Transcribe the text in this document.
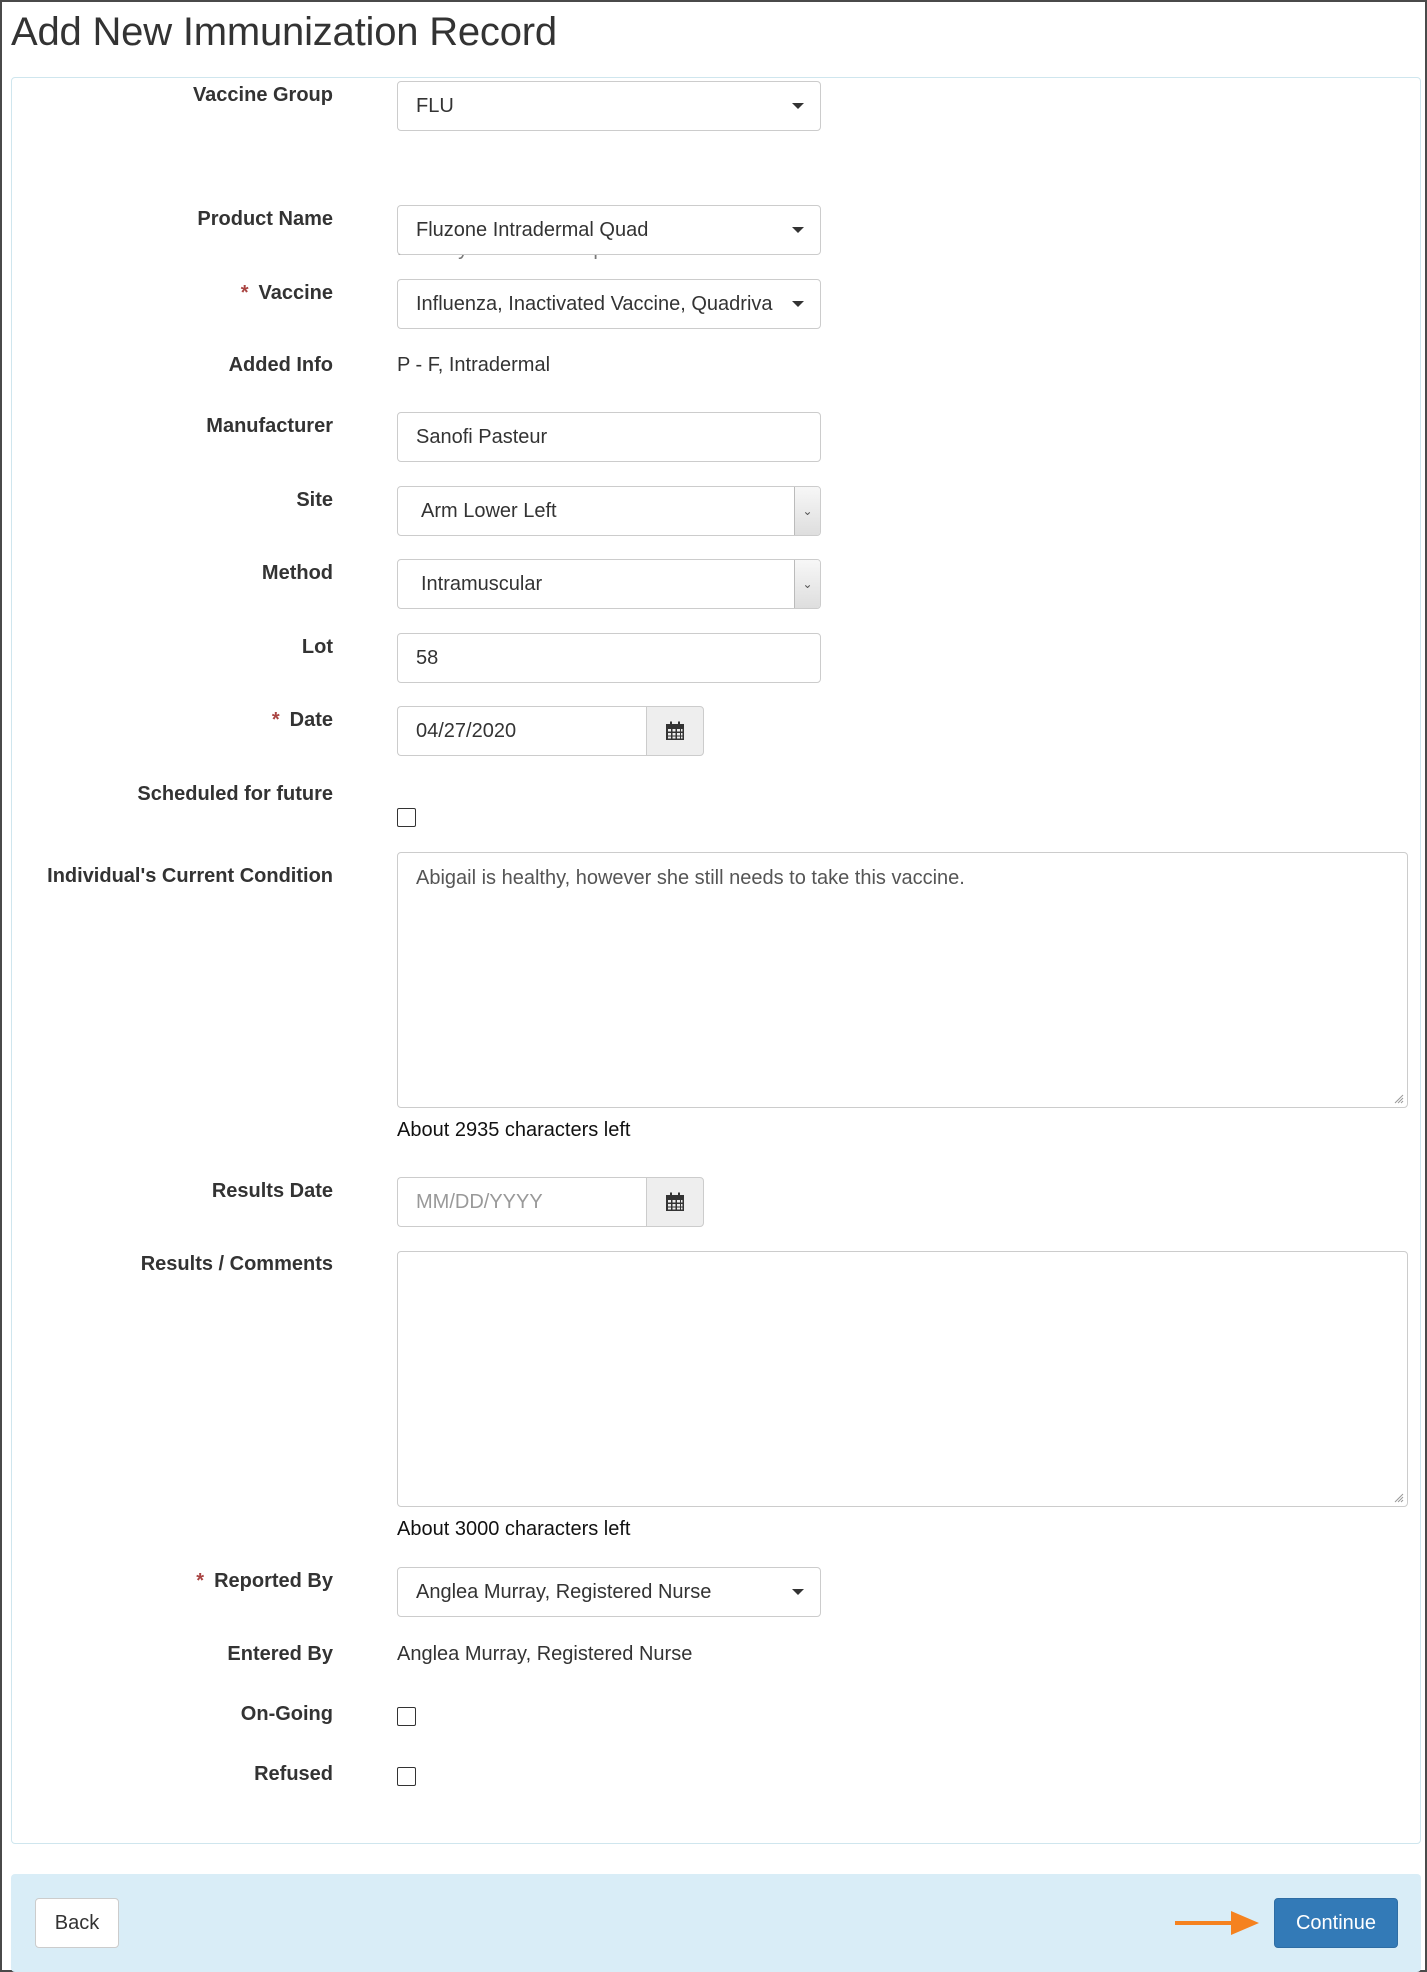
Add New Immunization Record
Vaccine Group	FLU
Product Name	Fluzone Intradermal Quad
* Vaccine	Influenza, Inactivated Vaccine, Quadriva
Added Info	P - F, Intradermal
Manufacturer	Sanofi Pasteur
Site	Arm Lower Left	⌄
Method	Intramuscular	⌄
Lot	58
* Date	04/27/2020
Scheduled for future
Individual's Current Condition	Abigail is healthy, however she still needs to take this vaccine.
About 2935 characters left
Results Date	MM/DD/YYYY
Results / Comments
About 3000 characters left
* Reported By	Anglea Murray, Registered Nurse
Entered By	Anglea Murray, Registered Nurse
On-Going
Refused
Back	Continue
